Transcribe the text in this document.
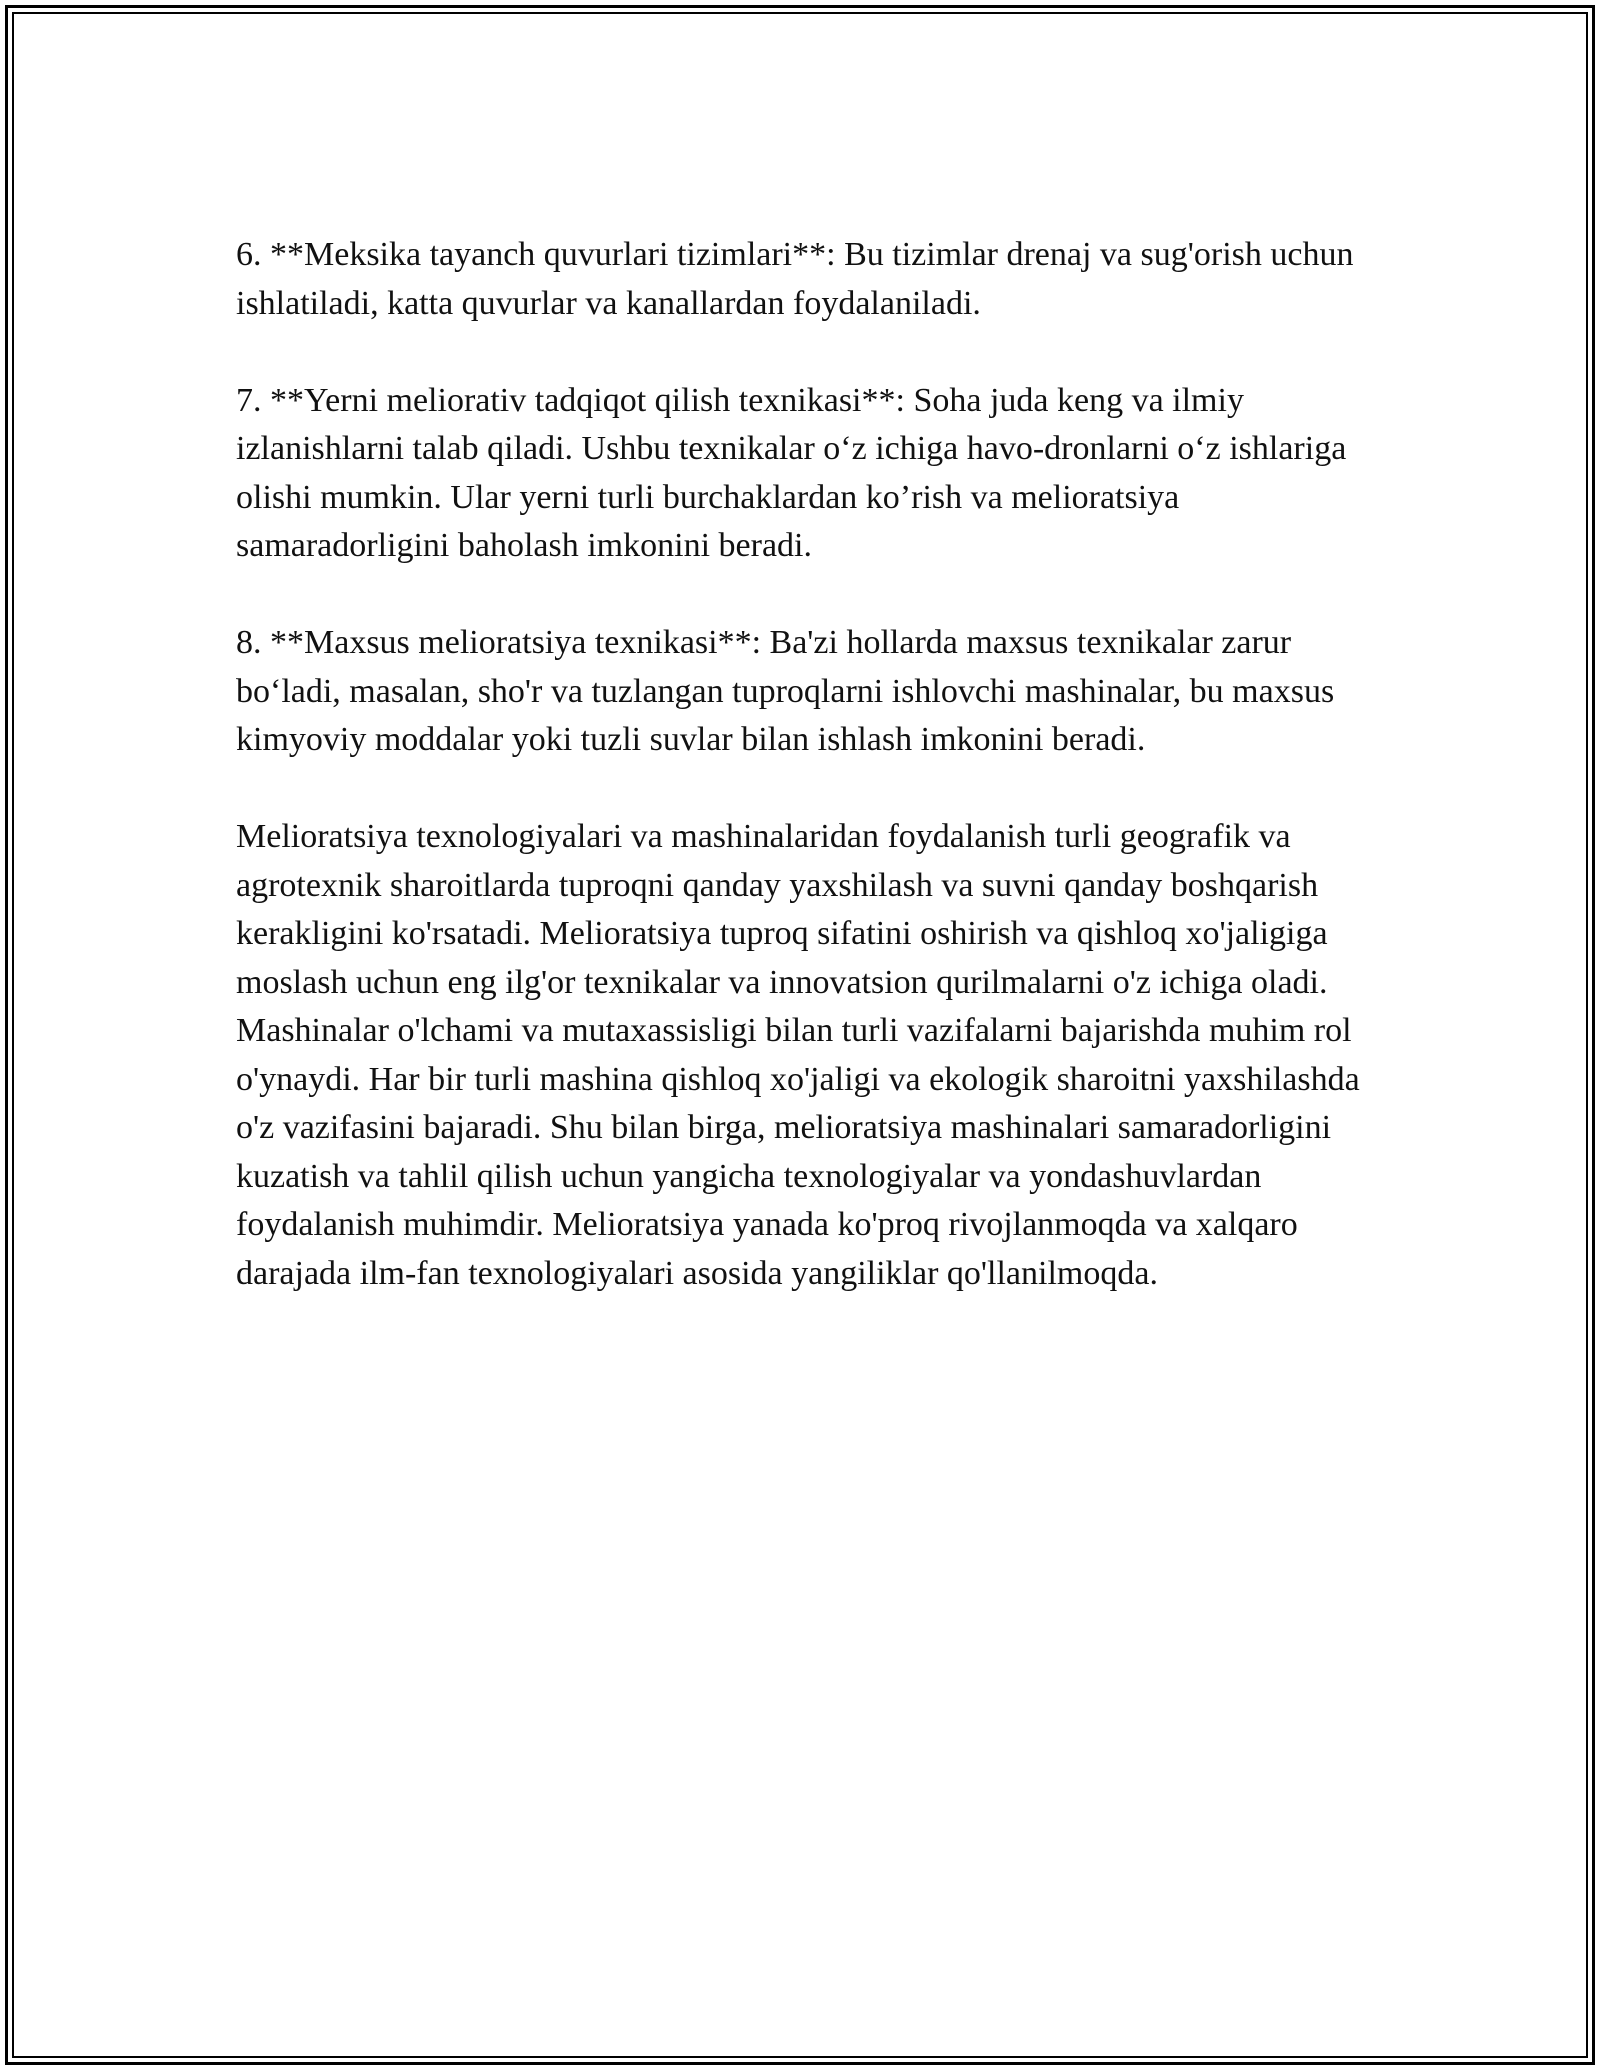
6. **Meksika tayanch quvurlari tizimlari**: Bu tizimlar drenaj va sug'orish uchun ishlatiladi, katta quvurlar va kanallardan foydalaniladi.

7. **Yerni meliorativ tadqiqot qilish texnikasi**: Soha juda keng va ilmiy izlanishlarni talab qiladi. Ushbu texnikalar o‘z ichiga havo-dronlarni o‘z ishlariga olishi mumkin. Ular yerni turli burchaklardan ko’rish va melioratsiya samaradorligini baholash imkonini beradi.

8. **Maxsus melioratsiya texnikasi**: Ba'zi hollarda maxsus texnikalar zarur bo‘ladi, masalan, sho'r va tuzlangan tuproqlarni ishlovchi mashinalar, bu maxsus kimyoviy moddalar yoki tuzli suvlar bilan ishlash imkonini beradi.

Melioratsiya texnologiyalari va mashinalaridan foydalanish turli geografik va agrotexnik sharoitlarda tuproqni qanday yaxshilash va suvni qanday boshqarish kerakligini ko'rsatadi. Melioratsiya tuproq sifatini oshirish va qishloq xo'jaligiga moslash uchun eng ilg'or texnikalar va innovatsion qurilmalarni o'z ichiga oladi. Mashinalar o'lchami va mutaxassisligi bilan turli vazifalarni bajarishda muhim rol o'ynaydi. Har bir turli mashina qishloq xo'jaligi va ekologik sharoitni yaxshilashda o'z vazifasini bajaradi. Shu bilan birga, melioratsiya mashinalari samaradorligini kuzatish va tahlil qilish uchun yangicha texnologiyalar va yondashuvlardan foydalanish muhimdir. Melioratsiya yanada ko'proq rivojlanmoqda va xalqaro darajada ilm-fan texnologiyalari asosida yangiliklar qo'llanilmoqda.
